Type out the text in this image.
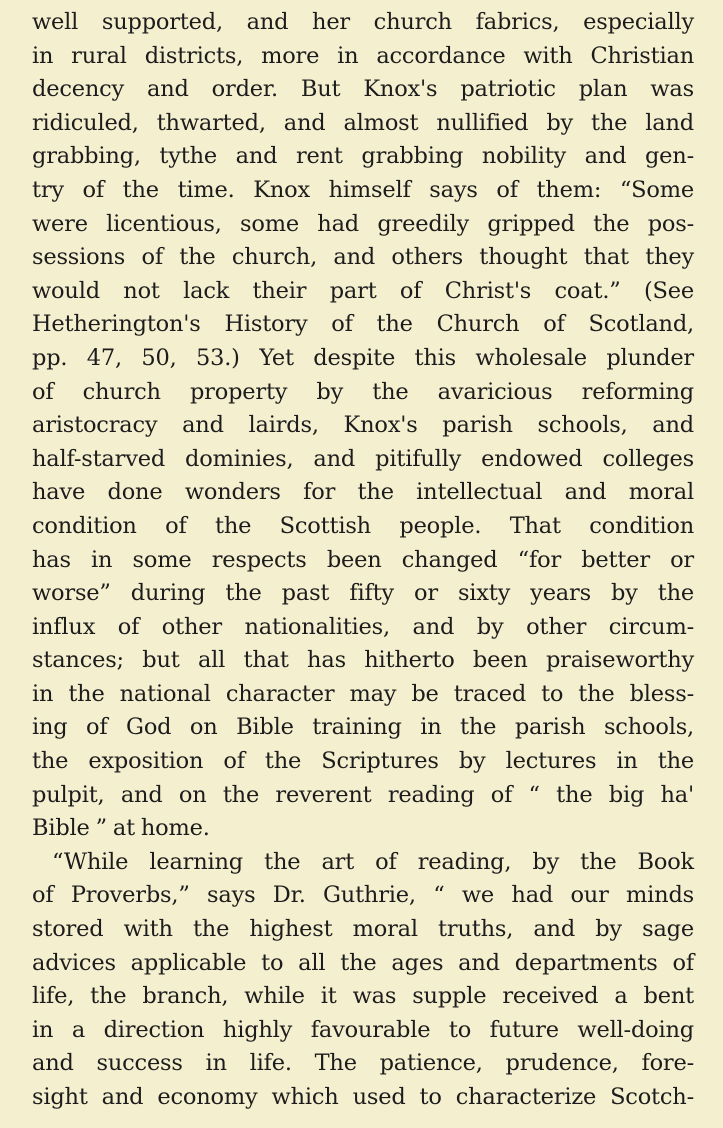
well supported, and her church fabrics, especially
in rural districts, more in accordance with Christian
decency and order. But Knox's patriotic plan was
ridiculed, thwarted, and almost nullified by the land
grabbing, tythe and rent grabbing nobility and gen-
try of the time. Knox himself says of them: “Some
were licentious, some had greedily gripped the pos-
sessions of the church, and others thought that they
would not lack their part of Christ's coat.” (See
Hetherington's History of the Church of Scotland,
pp. 47, 50, 53.) Yet despite this wholesale plunder
of church property by the avaricious reforming
aristocracy and lairds, Knox's parish schools, and
half-starved dominies, and pitifully endowed colleges
have done wonders for the intellectual and moral
condition of the Scottish people. That condition
has in some respects been changed “for better or
worse” during the past fifty or sixty years by the
influx of other nationalities, and by other circum-
stances; but all that has hitherto been praiseworthy
in the national character may be traced to the bless-
ing of God on Bible training in the parish schools,
the exposition of the Scriptures by lectures in the
pulpit, and on the reverent reading of “ the big ha'
Bible ” at home.
“While learning the art of reading, by the Book
of Proverbs,” says Dr. Guthrie, “ we had our minds
stored with the highest moral truths, and by sage
advices applicable to all the ages and departments of
life, the branch, while it was supple received a bent
in a direction highly favourable to future well-doing
and success in life. The patience, prudence, fore-
sight and economy which used to characterize Scotch-
